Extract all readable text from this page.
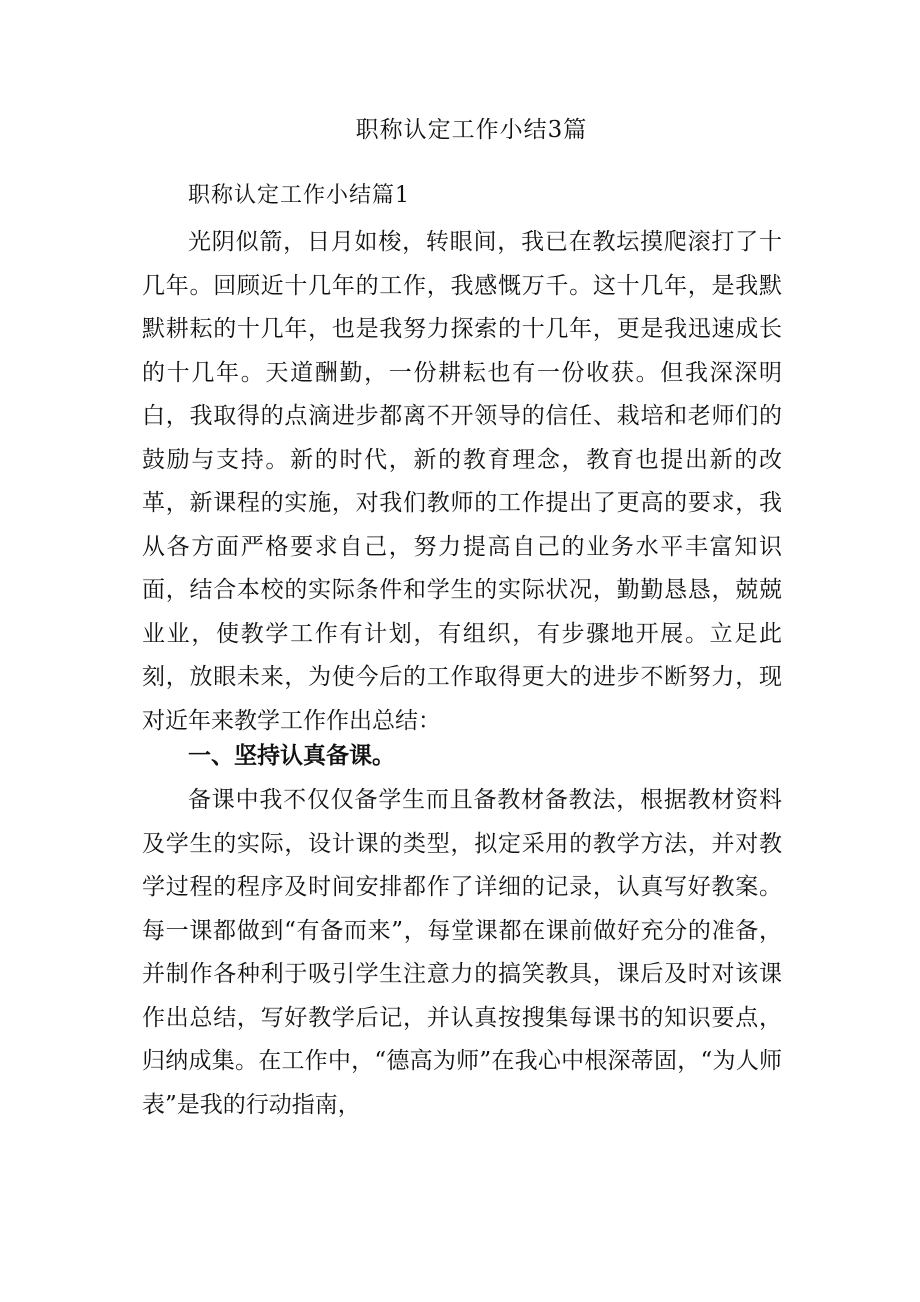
职称认定工作小结3篇
职称认定工作小结篇1

光阴似箭，日月如梭，转眼间，我已在教坛摸爬滚打了十几年。回顾近十几年的工作，我感慨万千。这十几年，是我默默耕耘的十几年，也是我努力探索的十几年，更是我迅速成长的十几年。天道酬勤，一份耕耘也有一份收获。但我深深明白，我取得的点滴进步都离不开领导的信任、栽培和老师们的鼓励与支持。新的时代，新的教育理念，教育也提出新的改革，新课程的实施，对我们教师的工作提出了更高的要求，我从各方面严格要求自己，努力提高自己的业务水平丰富知识面，结合本校的实际条件和学生的实际状况，勤勤恳恳，兢兢业业，使教学工作有计划，有组织，有步骤地开展。立足此刻，放眼未来，为使今后的工作取得更大的进步不断努力，现对近年来教学工作作出总结：

一、坚持认真备课。

备课中我不仅仅备学生而且备教材备教法，根据教材资料及学生的实际，设计课的类型，拟定采用的教学方法，并对教学过程的程序及时间安排都作了详细的记录，认真写好教案。每一课都做到“有备而来”，每堂课都在课前做好充分的准备，并制作各种利于吸引学生注意力的搞笑教具，课后及时对该课作出总结，写好教学后记，并认真按搜集每课书的知识要点，归纳成集。在工作中，“德高为师”在我心中根深蒂固，“为人师表”是我的行动指南，
